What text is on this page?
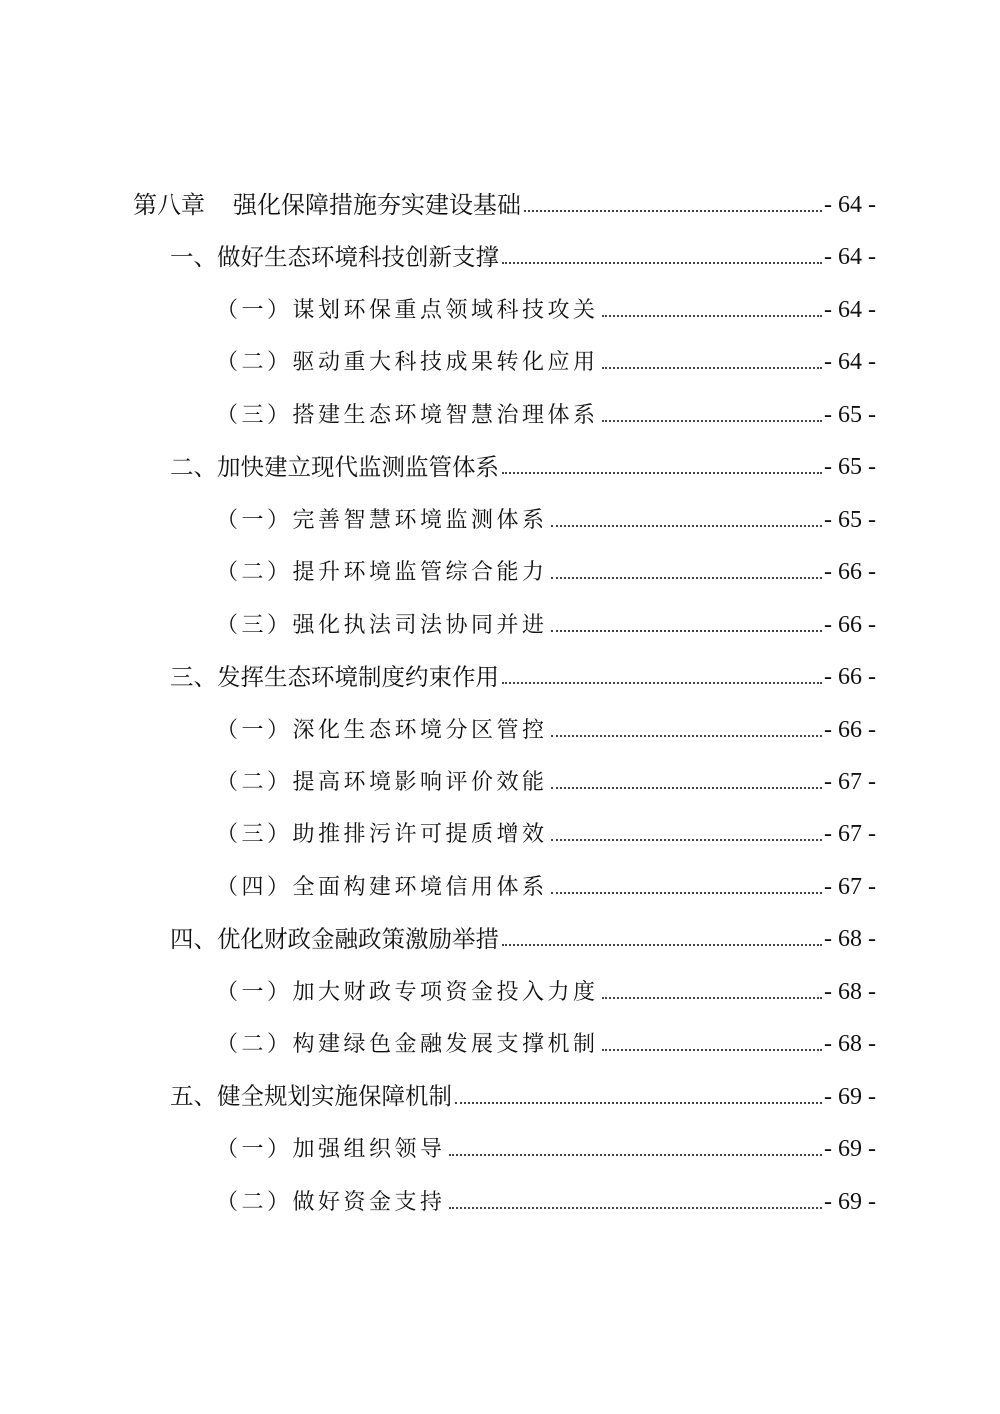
第八章 强化保障措施夯实建设基础	- 64 -
一、做好生态环境科技创新支撑	- 64 -
（一）谋划环保重点领域科技攻关	- 64 -
（二）驱动重大科技成果转化应用	- 64 -
（三）搭建生态环境智慧治理体系	- 65 -
二、加快建立现代监测监管体系	- 65 -
（一）完善智慧环境监测体系	- 65 -
（二）提升环境监管综合能力	- 66 -
（三）强化执法司法协同并进	- 66 -
三、发挥生态环境制度约束作用	- 66 -
（一）深化生态环境分区管控	- 66 -
（二）提高环境影响评价效能	- 67 -
（三）助推排污许可提质增效	- 67 -
（四）全面构建环境信用体系	- 67 -
四、优化财政金融政策激励举措	- 68 -
（一）加大财政专项资金投入力度	- 68 -
（二）构建绿色金融发展支撑机制	- 68 -
五、健全规划实施保障机制	- 69 -
（一）加强组织领导	- 69 -
（二）做好资金支持	- 69 -
